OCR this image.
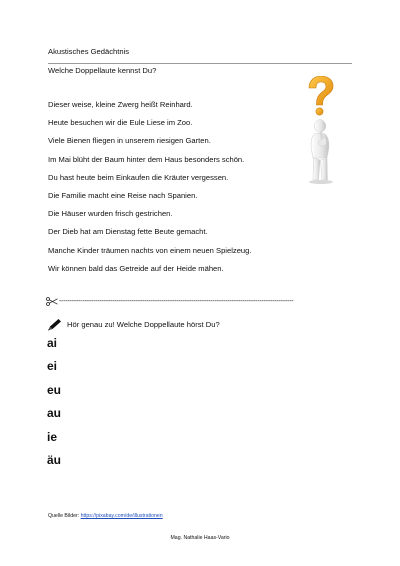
Akustisches Gedächtnis
Welche Doppellaute kennst Du?
Dieser weise, kleine Zwerg heißt Reinhard.
Heute besuchen wir die Eule Liese im Zoo.
Viele Bienen fliegen in unserem riesigen Garten.
Im Mai blüht der Baum hinter dem Haus besonders schön.
Du hast heute beim Einkaufen die Kräuter vergessen.
Die Familie macht eine Reise nach Spanien.
Die Häuser wurden frisch gestrichen.
Der Dieb hat am Dienstag fette Beute gemacht.
Manche Kinder träumen nachts von einem neuen Spielzeug.
Wir können bald das Getreide auf der Heide mähen.
--------------------------------------------------------------------------------------------------------------
Hör genau zu! Welche Doppellaute hörst Du?
ai
ei
eu
au
ie
äu
Quelle Bilder: https://pixabay.com/de/illustrationen
Mag. Nathalie Haas-Vario
